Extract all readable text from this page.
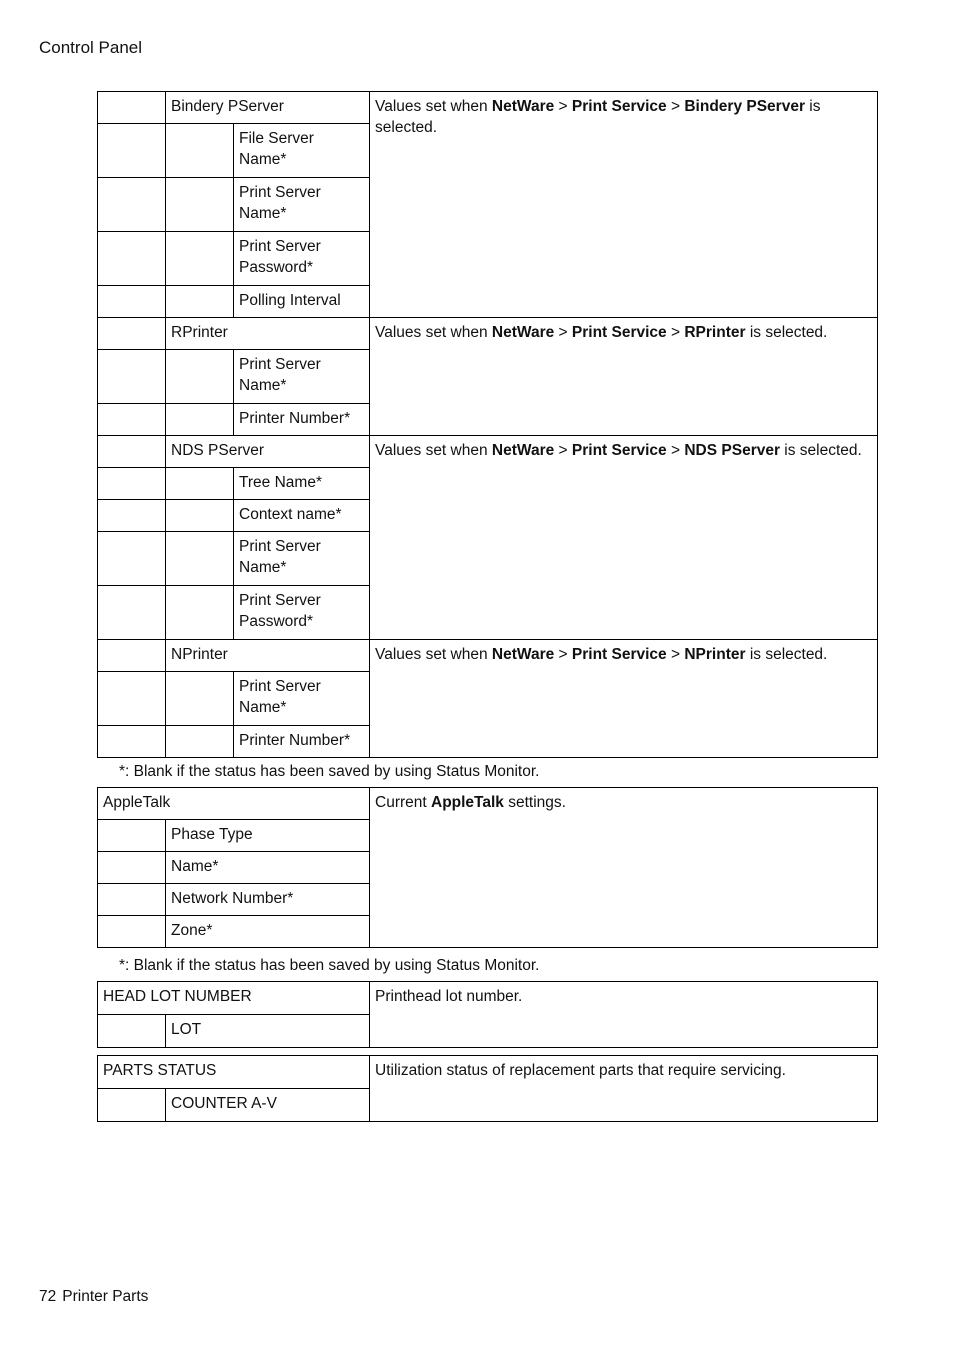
Control Panel
	Bindery PServer		Values set when NetWare > Print Service > Bindery PServer is selected.
		File Server Name*	
		Print Server Name*	
		Print Server Password*	
		Polling Interval	
	RPrinter		Values set when NetWare > Print Service > RPrinter is selected.
		Print Server Name*	
		Printer Number*	
	NDS PServer		Values set when NetWare > Print Service > NDS PServer is selected.
		Tree Name*	
		Context name*	
		Print Server Name*	
		Print Server Password*	
	NPrinter		Values set when NetWare > Print Service > NPrinter is selected.
		Print Server Name*	
		Printer Number*	
*: Blank if the status has been saved by using Status Monitor.
AppleTalk		Current AppleTalk settings.
	Phase Type	
	Name*	
	Network Number*	
	Zone*	
*: Blank if the status has been saved by using Status Monitor.
HEAD LOT NUMBER		Printhead lot number.
	LOT	
PARTS STATUS		Utilization status of replacement parts that require servicing.
	COUNTER A-V	
72 Printer Parts
